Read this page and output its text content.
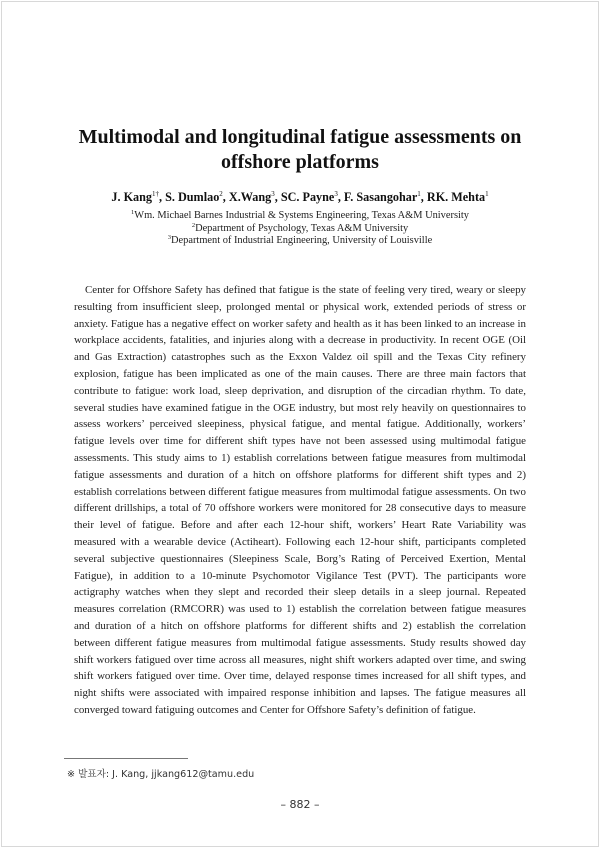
Multimodal and longitudinal fatigue assessments on offshore platforms
J. Kang$^{1\dagger}$, S. Dumlao$^2$, X.Wang$^3$, SC. Payne$^3$, F. Sasangohar$^1$, RK. Mehta$^1$
$^1$Wm. Michael Barnes Industrial & Systems Engineering, Texas A&M University
$^2$Department of Psychology, Texas A&M University
$^3$Department of Industrial Engineering, University of Louisville

Center for Offshore Safety has defined that fatigue is the state of feeling very tired, weary or sleepy resulting from insufficient sleep, prolonged mental or physical work, extended periods of stress or anxiety. Fatigue has a negative effect on worker safety and health as it has been linked to an increase in workplace accidents, fatalities, and injuries along with a decrease in productivity. In recent OGE (Oil and Gas Extraction) catastrophes such as the Exxon Valdez oil spill and the Texas City refinery explosion, fatigue has been implicated as one of the main causes. There are three main factors that contribute to fatigue: work load, sleep deprivation, and disruption of the circadian rhythm. To date, several studies have examined fatigue in the OGE industry, but most rely heavily on questionnaires to assess workers’ perceived sleepiness, physical fatigue, and mental fatigue. Additionally, workers’ fatigue levels over time for different shift types have not been assessed using multimodal fatigue assessments. This study aims to 1) establish correlations between fatigue measures from multimodal fatigue assessments and duration of a hitch on offshore platforms for different shift types and 2) establish correlations between different fatigue measures from multimodal fatigue assessments. On two different drillships, a total of 70 offshore workers were monitored for 28 consecutive days to measure their level of fatigue. Before and after each 12-hour shift, workers’ Heart Rate Variability was measured with a wearable device (Actiheart). Following each 12-hour shift, participants completed several subjective questionnaires (Sleepiness Scale, Borg’s Rating of Perceived Exertion, Mental Fatigue), in addition to a 10-minute Psychomotor Vigilance Test (PVT). The participants wore actigraphy watches when they slept and recorded their sleep details in a sleep journal. Repeated measures correlation (RMCORR) was used to 1) establish the correlation between fatigue measures and duration of a hitch on offshore platforms for different shifts and 2) establish the correlation between different fatigue measures from multimodal fatigue assessments. Study results showed day shift workers fatigued over time across all measures, night shift workers adapted over time, and swing shift workers fatigued over time. Over time, delayed response times increased for all shift types, and night shifts were associated with impaired response inhibition and lapses. The fatigue measures all converged toward fatiguing outcomes and Center for Offshore Safety’s definition of fatigue.

※ 발표자: J. Kang, jjkang612@tamu.edu
– 882 –
